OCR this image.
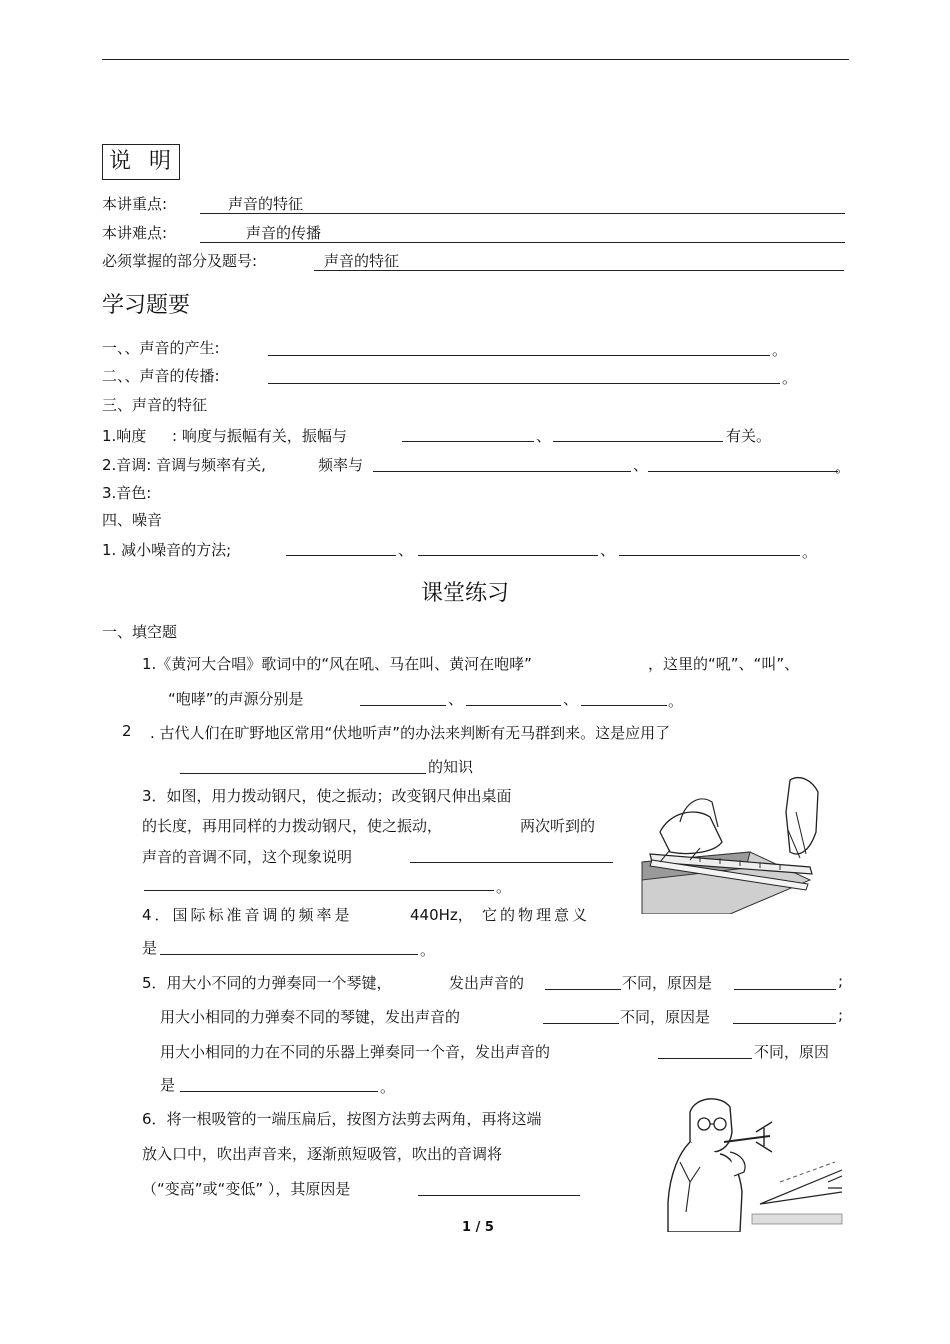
说明
本讲重点:	声音的特征
本讲难点:	声音的传播
必须掌握的部分及题号:	声音的特征
学习题要
一、、声音的产生:	。
二、、声音的传播:	。
三、声音的特征
1.响度 : 响度与振幅有关，振幅与	、	有关。
2.音调: 音调与频率有关,	频率与	、	。
3.音色:
四、噪音
1. 减小噪音的方法;	、	、	。
课堂练习
一、填空题
1.《黄河大合唱》歌词中的“风在吼、马在叫、黄河在咆哮”	，这里的“吼”、“叫”、
“咆哮”的声源分别是	、	、	。
2 . 古代人们在旷野地区常用“伏地听声”的办法来判断有无马群到来。这是应用了
的知识
3．如图，用力拨动钢尺，使之振动；改变钢尺伸出桌面
的长度，再用同样的力拨动钢尺，使之振动，	两次听到的
声音的音调不同，这个现象说明
。
4．国际标准音调的频率是	440Hz， 它的物理意义
是	。
5．用大小不同的力弹奏同一个琴键，	发出声音的	不同，原因是	;
用大小相同的力弹奏不同的琴键，发出声音的	不同，原因是	;
用大小相同的力在不同的乐器上弹奏同一个音，发出声音的	不同，原因
是	。
6．将一根吸管的一端压扁后，按图方法剪去两角，再将这端
放入口中，吹出声音来，逐渐煎短吸管，吹出的音调将
（“变高”或“变低” ），其原因是
1 / 5
